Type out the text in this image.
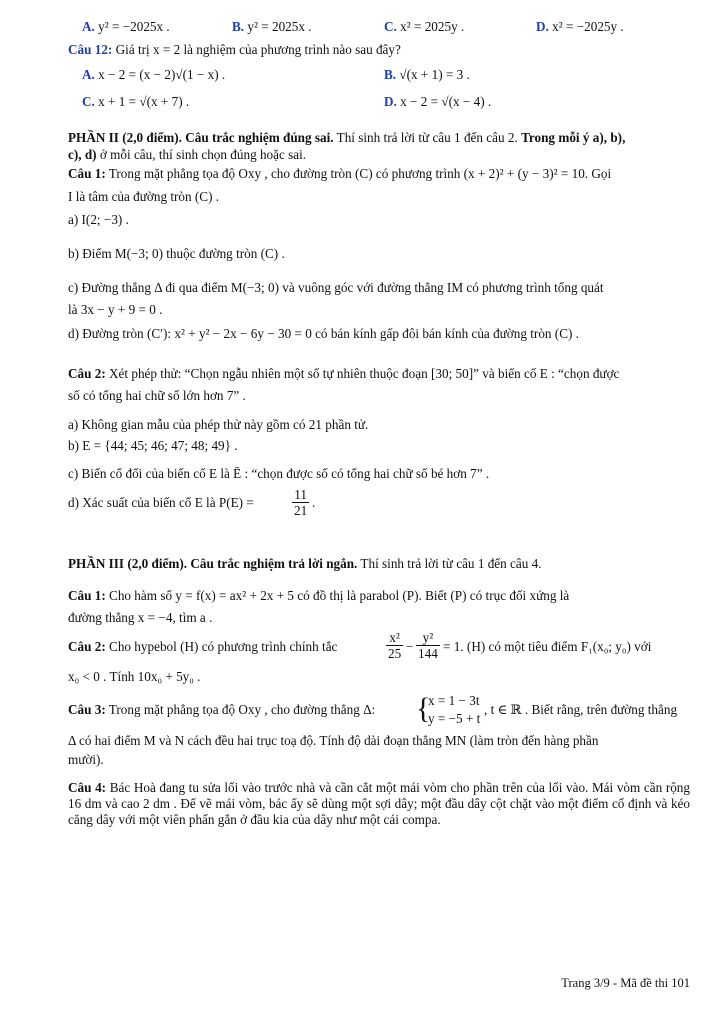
A. y² = −2025x .	B. y² = 2025x .	C. x² = 2025y .	D. x² = −2025y .
Câu 12: Giá trị x = 2 là nghiệm của phương trình nào sau đây?
A. x − 2 = (x − 2)√(1 − x) .	B. √(x + 1) = 3 .
C. x + 1 = √(x + 7) .	D. x − 2 = √(x − 4) .
PHẦN II (2,0 điểm). Câu trắc nghiệm đúng sai. Thí sinh trả lời từ câu 1 đến câu 2. Trong mỗi ý a), b),
c), d) ở mỗi câu, thí sinh chọn đúng hoặc sai.
Câu 1: Trong mặt phẳng tọa độ Oxy , cho đường tròn (C) có phương trình (x + 2)² + (y − 3)² = 10. Gọi
I là tâm của đường tròn (C) .
a) I(2; −3) .
b) Điểm M(−3; 0) thuộc đường tròn (C) .
c) Đường thẳng Δ đi qua điểm M(−3; 0) và vuông góc với đường thẳng IM có phương trình tổng quát
là 3x − y + 9 = 0 .
d) Đường tròn (C′): x² + y² − 2x − 6y − 30 = 0 có bán kính gấp đôi bán kính của đường tròn (C) .
Câu 2: Xét phép thử: “Chọn ngẫu nhiên một số tự nhiên thuộc đoạn [30; 50]” và biến cố E : “chọn được
số có tổng hai chữ số lớn hơn 7” .
a) Không gian mẫu của phép thử này gồm có 21 phần tử.
b) E = {44; 45; 46; 47; 48; 49} .
c) Biến cố đối của biến cố E là Ē : “chọn được số có tổng hai chữ số bé hơn 7” .
d) Xác suất của biến cố E là P(E) =	$\frac{11}{21}$ .
PHẦN III (2,0 điểm). Câu trắc nghiệm trả lời ngắn. Thí sinh trả lời từ câu 1 đến câu 4.
Câu 1: Cho hàm số y = f(x) = ax² + 2x + 5 có đồ thị là parabol (P). Biết (P) có trục đối xứng là
đường thẳng x = −4, tìm a .
Câu 2: Cho hypebol (H) có phương trình chính tắc	$\frac{\text{x²}}{25} - \frac{\text{y²}}{144} = 1$. (H) có một tiêu điểm F₁(x₀; y₀) với
x₀ < 0 . Tính 10x₀ + 5y₀ .
Câu 3: Trong mặt phẳng tọa độ Oxy , cho đường thẳng Δ: {
x = 1 − 3t
y = −5 + t
, t ∈ ℝ . Biết rằng, trên đường thẳng
Δ có hai điểm M và N cách đều hai trục toạ độ. Tính độ dài đoạn thẳng MN (làm tròn đến hàng phần
mười).
Câu 4: Bác Hoà đang tu sửa lối vào trước nhà và cần cắt một mái vòm cho phần trên của lối vào. Mái vòm cần rộng 16 dm và cao 2 dm . Để vẽ mái vòm, bác ấy sẽ dùng một sợi dây; một đầu dây cột chặt vào một điểm cố định và kéo căng dây với một viên phấn gắn ở đầu kia của dây như một cái compa.
Trang 3/9 - Mã đề thi 101
